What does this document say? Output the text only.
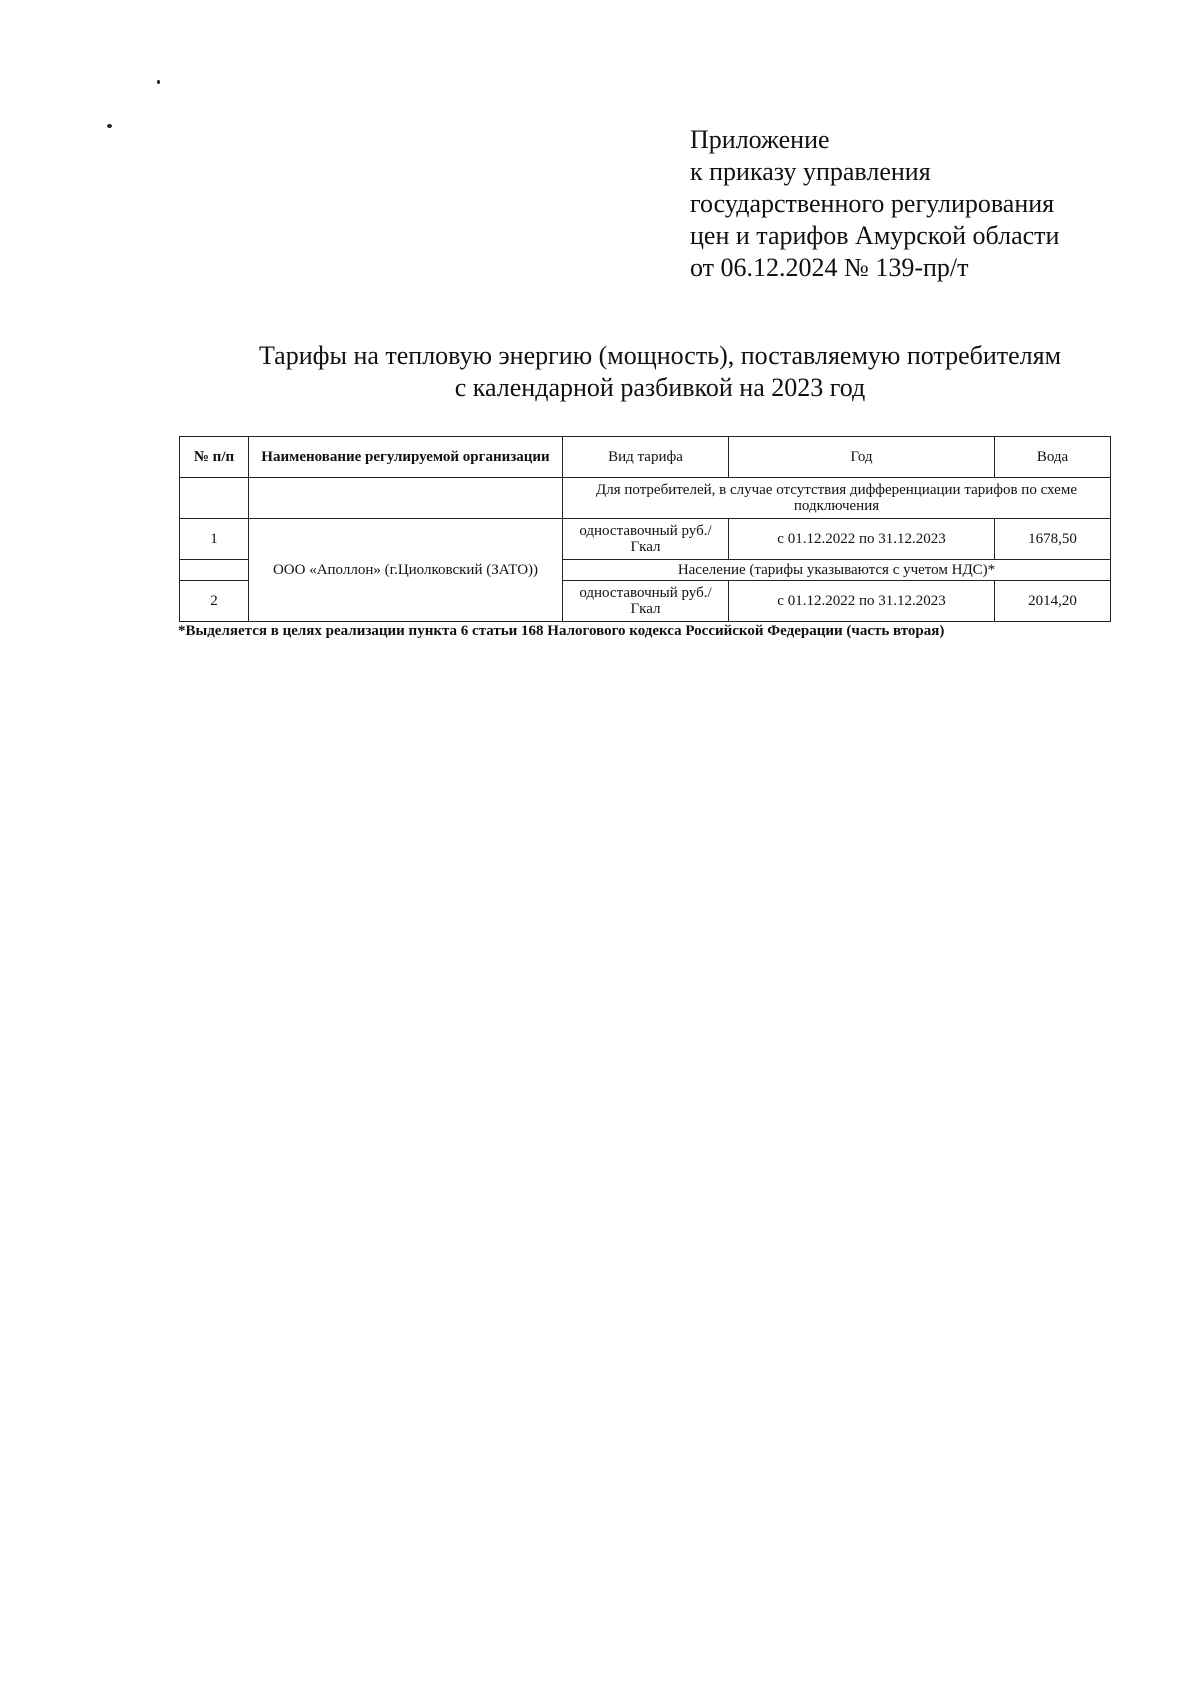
Приложение
к приказу управления
государственного регулирования
цен и тарифов Амурской области
от 06.12.2024 № 139-пр/т
Тарифы на тепловую энергию (мощность), поставляемую потребителям
с календарной разбивкой на 2023 год
№ п/п	Наименование регулируемой организации	Вид тарифа	Год	Вода
		Для потребителей, в случае отсутствия дифференциации тарифов по схеме подключения		
1	ООО «Аполлон» (г.Циолковский (ЗАТО))	одноставочный руб./Гкал	с 01.12.2022 по 31.12.2023	1678,50
		Население (тарифы указываются с учетом НДС)*		
2		одноставочный руб./Гкал	с 01.12.2022 по 31.12.2023	2014,20
*Выделяется в целях реализации пункта 6 статьи 168 Налогового кодекса Российской Федерации (часть вторая)
